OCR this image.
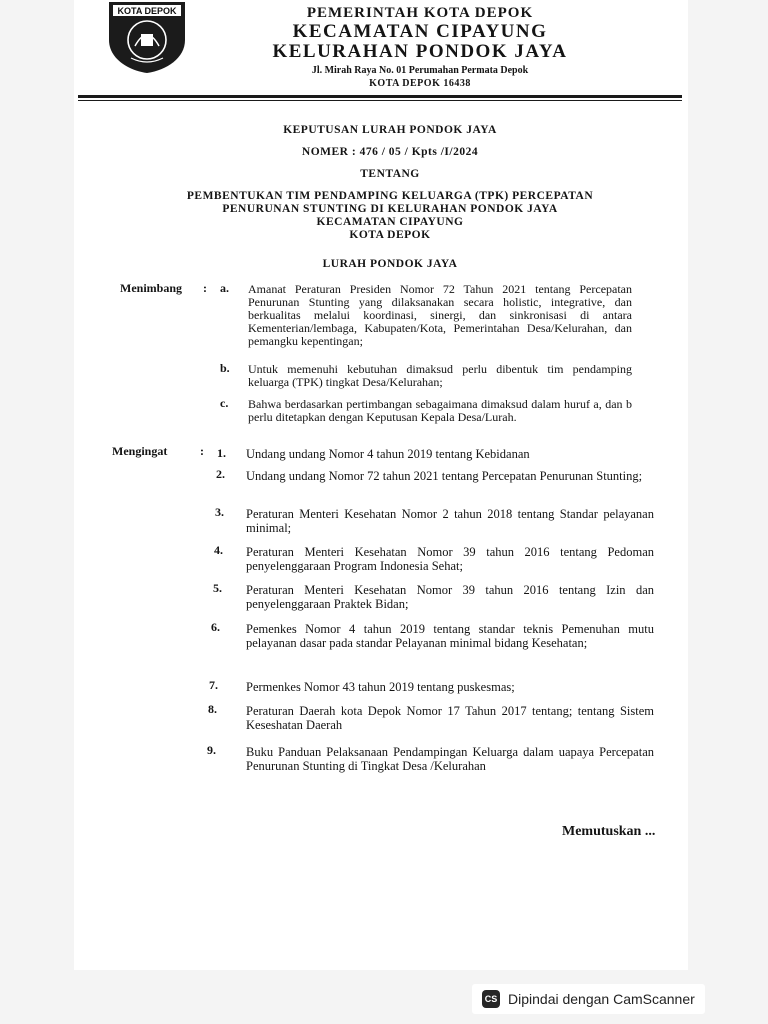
KOTA DEPOK	PEMERINTAH KOTA DEPOK
KECAMATAN CIPAYUNG
KELURAHAN PONDOK JAYA
Jl. Mirah Raya No. 01 Perumahan Permata Depok
KOTA DEPOK 16438
KEPUTUSAN LURAH PONDOK JAYA
NOMER : 476 / 05 / Kpts /I/2024
TENTANG
PEMBENTUKAN TIM PENDAMPING KELUARGA (TPK) PERCEPATAN
PENURUNAN STUNTING DI KELURAHAN PONDOK JAYA
KECAMATAN CIPAYUNG
KOTA DEPOK
LURAH PONDOK JAYA
Menimbang : a. Amanat Peraturan Presiden Nomor 72 Tahun 2021 tentang Percepatan Penurunan Stunting yang dilaksanakan secara holistic, integrative, dan berkualitas melalui koordinasi, sinergi, dan sinkronisasi di antara Kementerian/lembaga, Kabupaten/Kota, Pemerintahan Desa/Kelurahan, dan pemangku kepentingan;
b. Untuk memenuhi kebutuhan dimaksud perlu dibentuk tim pendamping keluarga (TPK) tingkat Desa/Kelurahan;
c. Bahwa berdasarkan pertimbangan sebagaimana dimaksud dalam huruf a, dan b perlu ditetapkan dengan Keputusan Kepala Desa/Lurah.
Mengingat	: 1. Undang undang Nomor 4 tahun 2019 tentang Kebidanan
2. Undang undang Nomor 72 tahun 2021 tentang Percepatan Penurunan Stunting;
3. Peraturan Menteri Kesehatan Nomor 2 tahun 2018 tentang Standar pelayanan minimal;
4. Peraturan Menteri Kesehatan Nomor 39 tahun 2016 tentang Pedoman penyelenggaraan Program Indonesia Sehat;
5. Peraturan Menteri Kesehatan Nomor 39 tahun 2016 tentang Izin dan penyelenggaraan Praktek Bidan;
6. Pemenkes Nomor 4 tahun 2019 tentang standar teknis Pemenuhan mutu pelayanan dasar pada standar Pelayanan minimal bidang Kesehatan;
7. Permenkes Nomor 43 tahun 2019 tentang puskesmas;
8. Peraturan Daerah kota Depok Nomor 17 Tahun 2017 tentang; tentang Sistem Keseshatan Daerah
9. Buku Panduan Pelaksanaan Pendampingan Keluarga dalam uapaya Percepatan Penurunan Stunting di Tingkat Desa /Kelurahan
Memutuskan ...
CS Dipindai dengan CamScanner
